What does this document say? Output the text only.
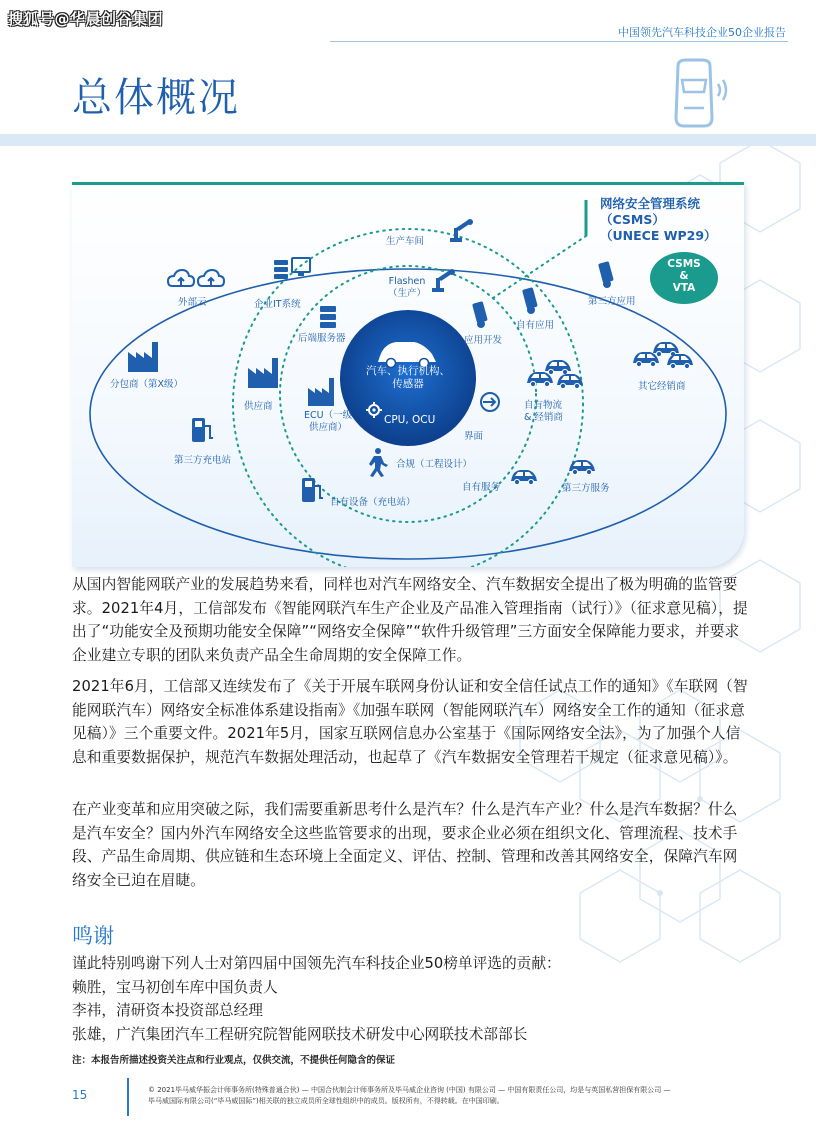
搜狐号@华晨创谷集团
中国领先汽车科技企业50企业报告
总体概况
网络安全管理系统
（CSMS）
（UNECE WP29）
CSMS
&
VTA
汽车、执行机构、
传感器
CPU, OCU
Flashen
（生产）
后端服务器	应用开发
ECU（一级
供应商）
界面
合规（工程设计）
生产车间
企业IT系统
供应商
自有应用
自有物流
& 经销商
自有服务
自有设备（充电站）
外部云
分包商（第X级）
第三方充电站
第三方应用
其它经销商
第三方服务

从国内智能网联产业的发展趋势来看，同样也对汽车网络安全、汽车数据安全提出了极为明确的监管要求。2021年4月，工信部发布《智能网联汽车生产企业及产品准入管理指南（试行）》（征求意见稿），提出了“功能安全及预期功能安全保障”“网络安全保障”“软件升级管理”三方面安全保障能力要求，并要求企业建立专职的团队来负责产品全生命周期的安全保障工作。

2021年6月，工信部又连续发布了《关于开展车联网身份认证和安全信任试点工作的通知》《车联网（智能网联汽车）网络安全标准体系建设指南》《加强车联网（智能网联汽车）网络安全工作的通知（征求意见稿）》三个重要文件。2021年5月，国家互联网信息办公室基于《国际网络安全法》，为了加强个人信息和重要数据保护，规范汽车数据处理活动，也起草了《汽车数据安全管理若干规定（征求意见稿）》。

在产业变革和应用突破之际，我们需要重新思考什么是汽车？什么是汽车产业？什么是汽车数据？什么是汽车安全？国内外汽车网络安全这些监管要求的出现，要求企业必须在组织文化、管理流程、技术手段、产品生命周期、供应链和生态环境上全面定义、评估、控制、管理和改善其网络安全，保障汽车网络安全已迫在眉睫。

鸣谢
谨此特别鸣谢下列人士对第四届中国领先汽车科技企业50榜单评选的贡献：
赖胜，宝马初创车库中国负责人
李祎，清研资本投资部总经理
张雄，广汽集团汽车工程研究院智能网联技术研发中心网联技术部部长
注：本报告所描述投资关注点和行业观点，仅供交流，不提供任何隐含的保证
15	© 2021毕马威华振会计师事务所(特殊普通合伙) — 中国合伙制会计师事务所及毕马威企业咨询 (中国) 有限公司 — 中国有限责任公司，均是与英国私营担保有限公司 —
毕马威国际有限公司(“毕马威国际”)相关联的独立成员所全球性组织中的成员。版权所有，不得转载。在中国印刷。
